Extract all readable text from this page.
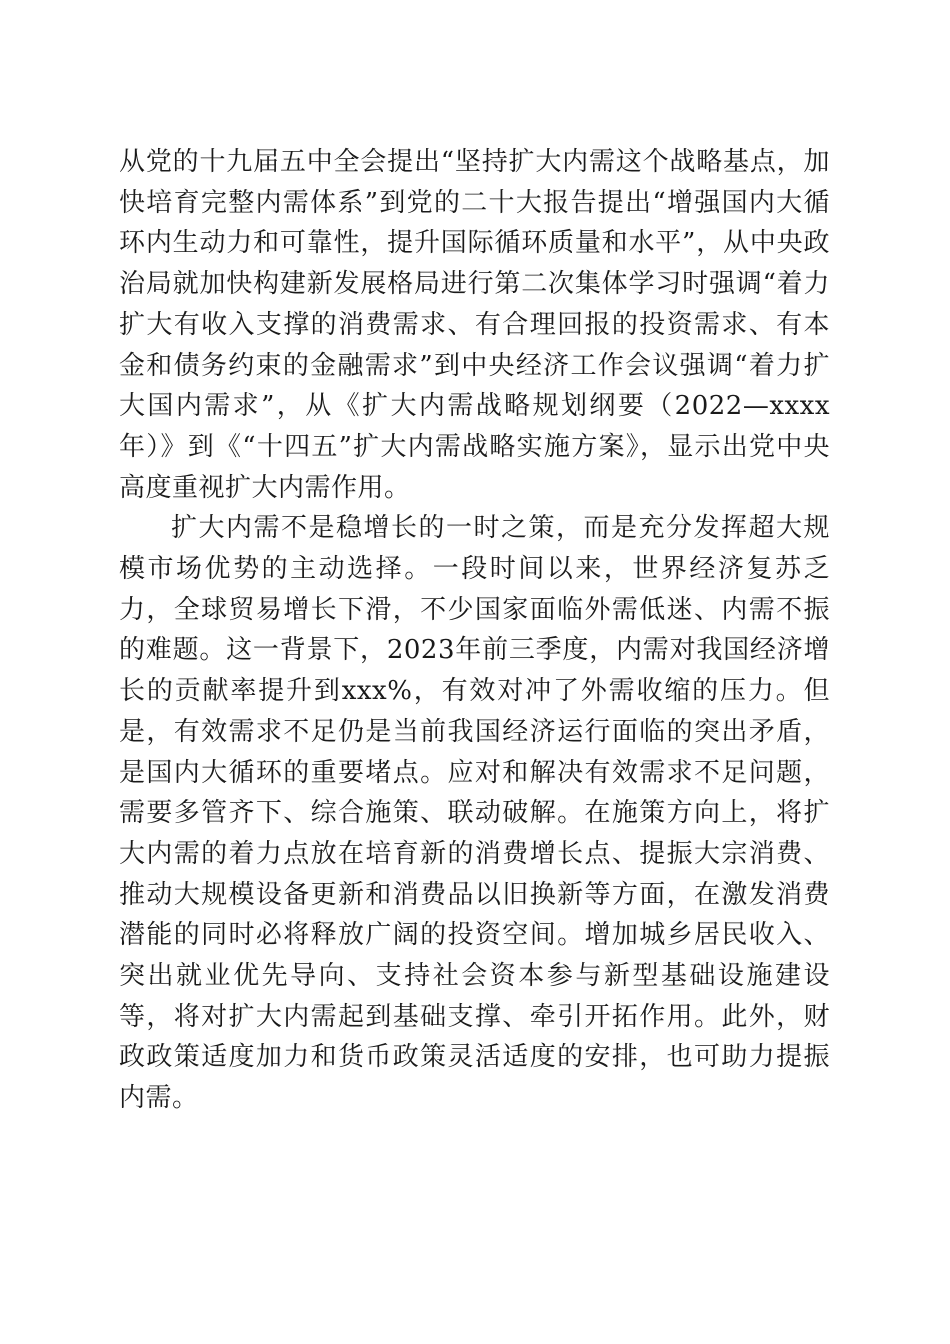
从党的十九届五中全会提出“坚持扩大内需这个战略基点，加快培育完整内需体系”到党的二十大报告提出“增强国内大循环内生动力和可靠性，提升国际循环质量和水平”，从中央政治局就加快构建新发展格局进行第二次集体学习时强调“着力扩大有收入支撑的消费需求、有合理回报的投资需求、有本金和债务约束的金融需求”到中央经济工作会议强调“着力扩大国内需求”，从《扩大内需战略规划纲要（2022—xxxx年）》到《“十四五”扩大内需战略实施方案》，显示出党中央高度重视扩大内需作用。

扩大内需不是稳增长的一时之策，而是充分发挥超大规模市场优势的主动选择。一段时间以来，世界经济复苏乏力，全球贸易增长下滑，不少国家面临外需低迷、内需不振的难题。这一背景下，2023年前三季度，内需对我国经济增长的贡献率提升到xxx%，有效对冲了外需收缩的压力。但是，有效需求不足仍是当前我国经济运行面临的突出矛盾，是国内大循环的重要堵点。应对和解决有效需求不足问题，需要多管齐下、综合施策、联动破解。在施策方向上，将扩大内需的着力点放在培育新的消费增长点、提振大宗消费、推动大规模设备更新和消费品以旧换新等方面，在激发消费潜能的同时必将释放广阔的投资空间。增加城乡居民收入、突出就业优先导向、支持社会资本参与新型基础设施建设等，将对扩大内需起到基础支撑、牵引开拓作用。此外，财政政策适度加力和货币政策灵活适度的安排，也可助力提振内需。
